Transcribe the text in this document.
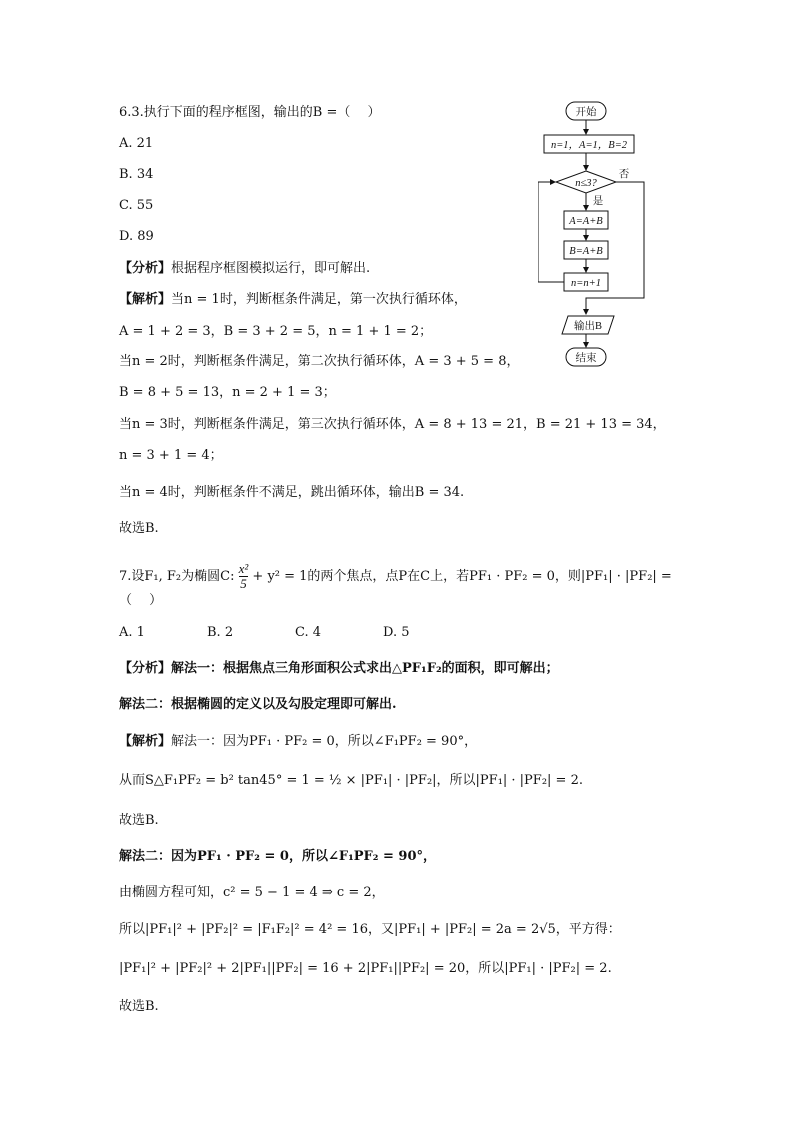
6.3.执行下面的程序框图，输出的B =（　 ）
A. 21
B. 34
C. 55
D. 89
【分析】根据程序框图模拟运行，即可解出.
【解析】当n = 1时，判断框条件满足，第一次执行循环体，
A = 1 + 2 = 3，B = 3 + 2 = 5，n = 1 + 1 = 2；
当n = 2时，判断框条件满足，第二次执行循环体，A = 3 + 5 = 8，
B = 8 + 5 = 13，n = 2 + 1 = 3；
当n = 3时，判断框条件满足，第三次执行循环体，A = 8 + 13 = 21，B = 21 + 13 = 34，
n = 3 + 1 = 4；
当n = 4时，判断框条件不满足，跳出循环体，输出B = 34.
故选B.
开始
n=1，A=1，B=2
n≤3?
否
是
A=A+B
B=A+B
n=n+1
输出B
结束
7.设F₁, F₂为椭圆C: $\frac{\text{x²}}{5} + y^2 = 1$的两个焦点，点P在C上，若PF₁ · PF₂ = 0，则|PF₁| · |PF₂| =
（　 ）
A. 1	B. 2	C. 4	D. 5
【分析】解法一：根据焦点三角形面积公式求出△PF₁F₂的面积，即可解出；
解法二：根据椭圆的定义以及勾股定理即可解出.
【解析】解法一：因为PF₁ · PF₂ = 0，所以∠F₁PF₂ = 90°，
从而S△F₁PF₂ = b² tan45° = 1 = ½ × |PF₁| · |PF₂|，所以|PF₁| · |PF₂| = 2.
故选B.
解法二：因为PF₁ · PF₂ = 0，所以∠F₁PF₂ = 90°，
由椭圆方程可知，c² = 5 − 1 = 4 ⇒ c = 2，
所以|PF₁|² + |PF₂|² = |F₁F₂|² = 4² = 16，又|PF₁| + |PF₂| = 2a = 2√5，平方得：
|PF₁|² + |PF₂|² + 2|PF₁||PF₂| = 16 + 2|PF₁||PF₂| = 20，所以|PF₁| · |PF₂| = 2.
故选B.
